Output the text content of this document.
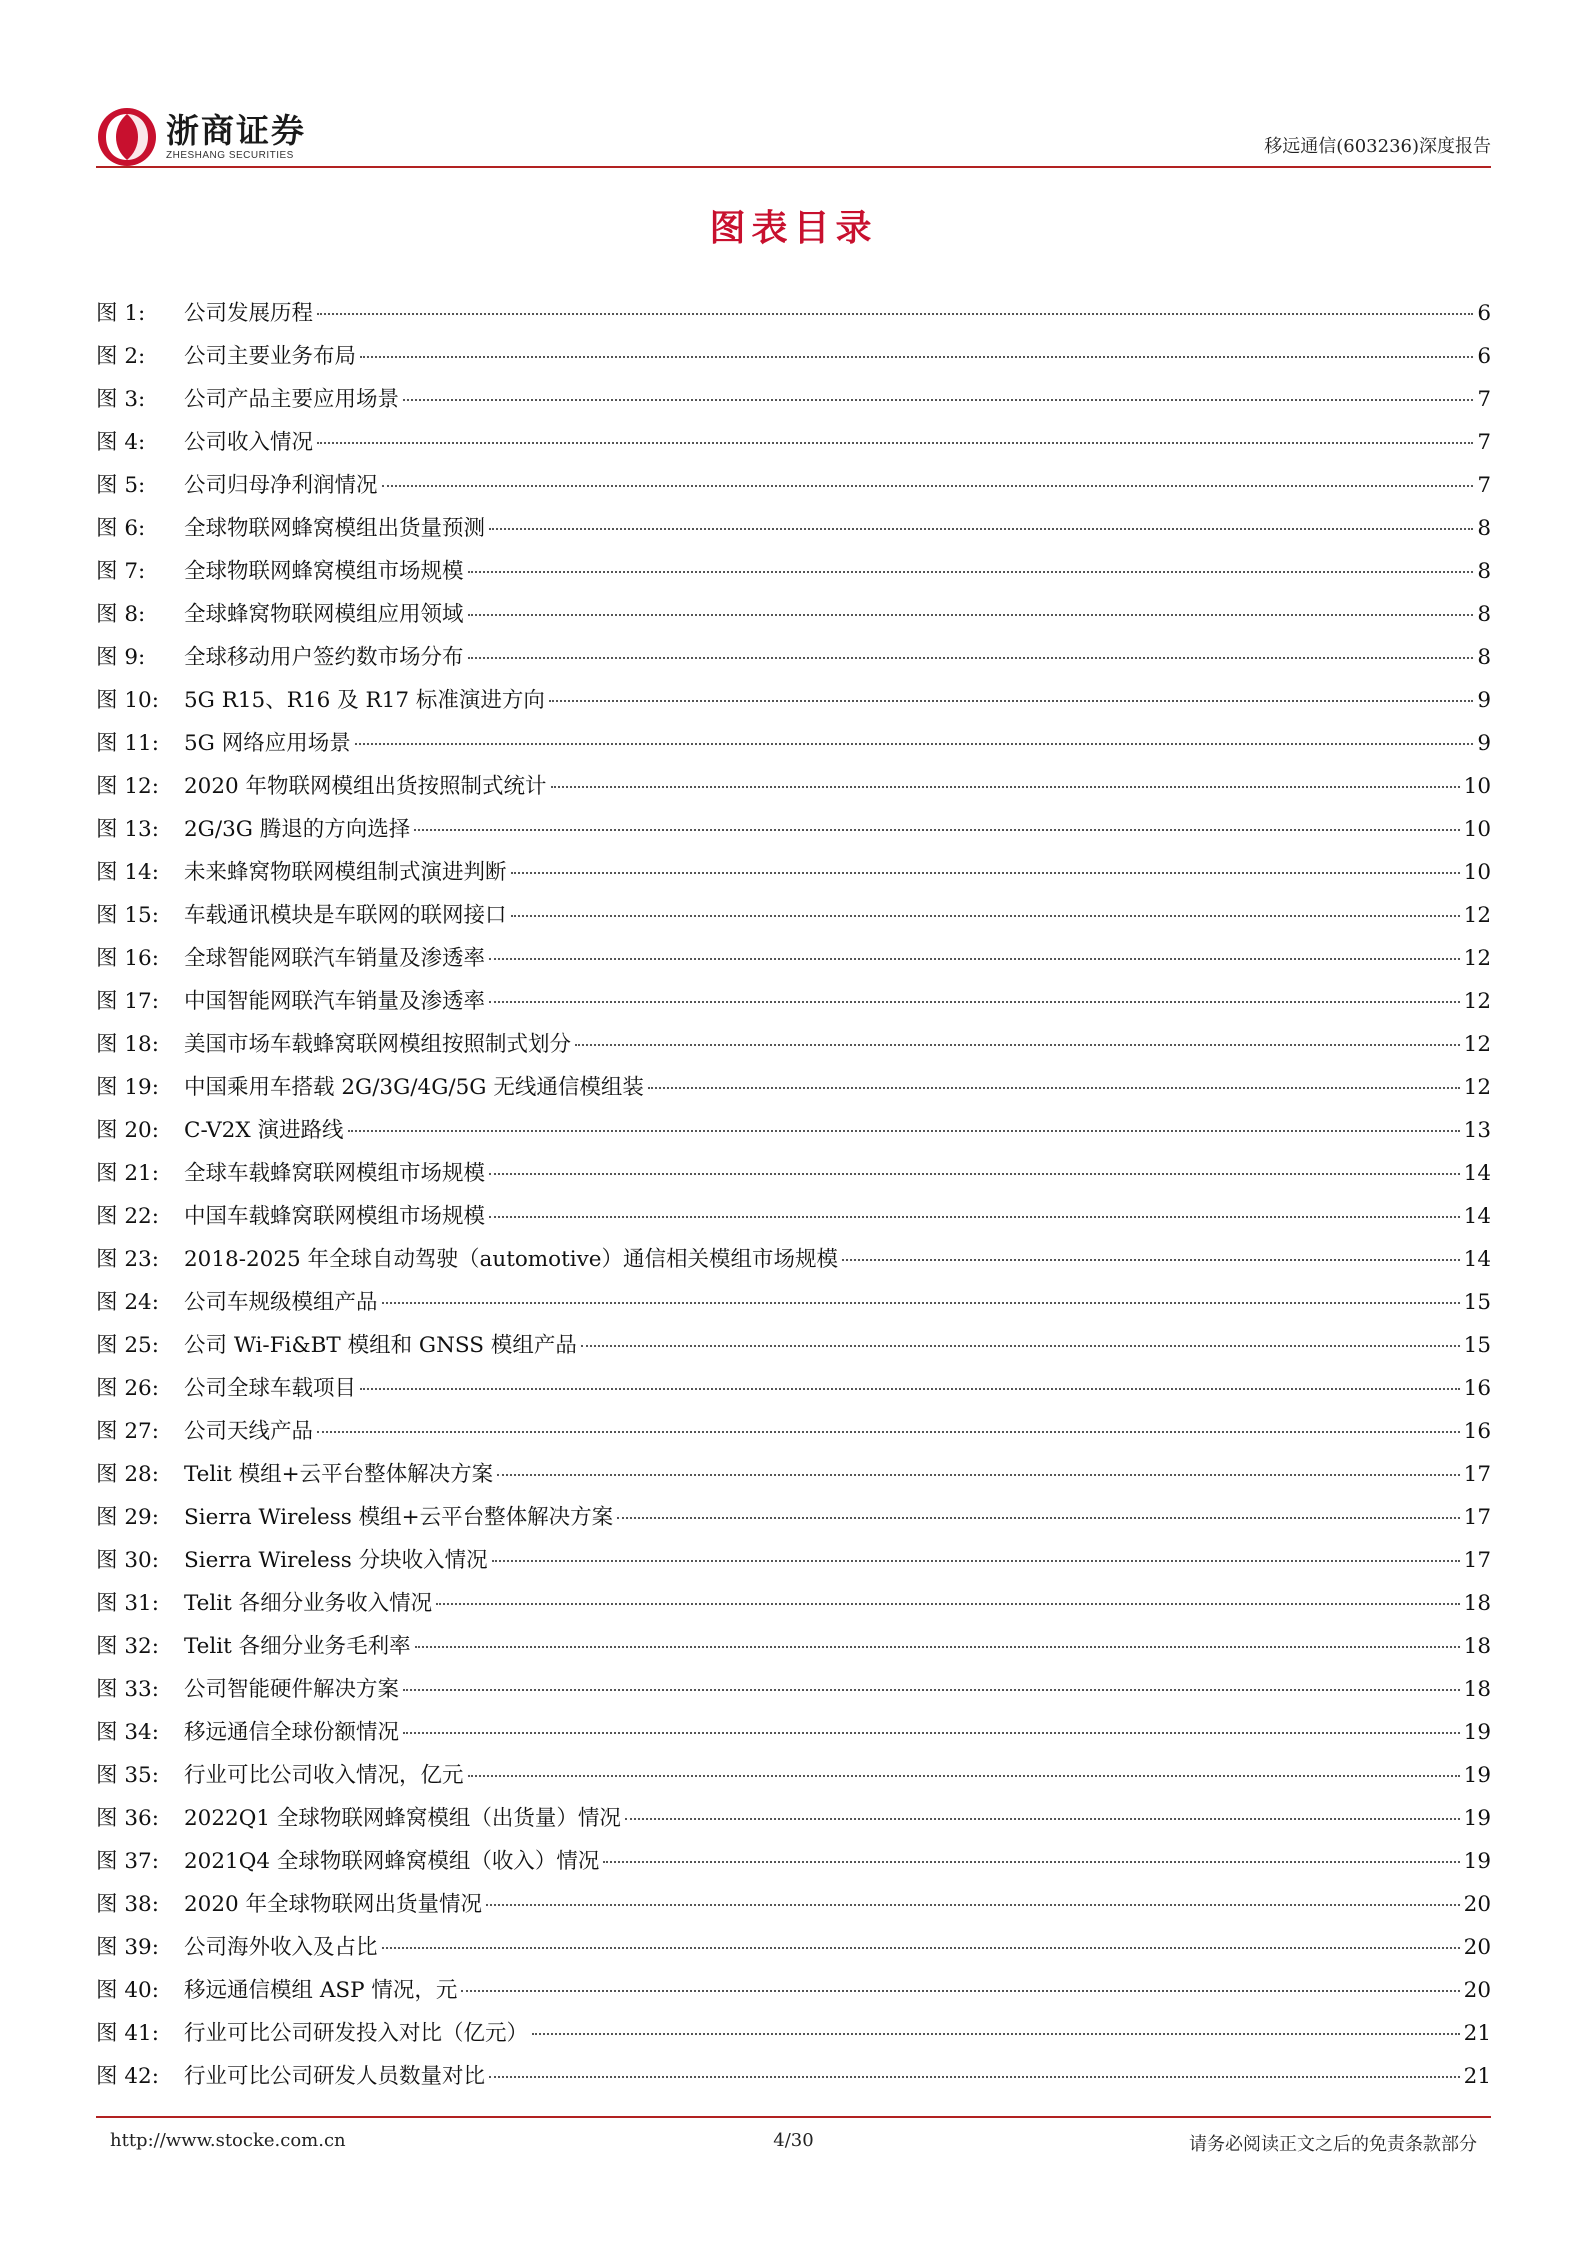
浙商证券
ZHESHANG SECURITIES	移远通信(603236)深度报告
图表目录
图 1:	公司发展历程	6
图 2:	公司主要业务布局	6
图 3:	公司产品主要应用场景	7
图 4:	公司收入情况	7
图 5:	公司归母净利润情况	7
图 6:	全球物联网蜂窝模组出货量预测	8
图 7:	全球物联网蜂窝模组市场规模	8
图 8:	全球蜂窝物联网模组应用领域	8
图 9:	全球移动用户签约数市场分布	8
图 10:	5G R15、R16 及 R17 标准演进方向	9
图 11:	5G 网络应用场景	9
图 12:	2020 年物联网模组出货按照制式统计	10
图 13:	2G/3G 腾退的方向选择	10
图 14:	未来蜂窝物联网模组制式演进判断	10
图 15:	车载通讯模块是车联网的联网接口	12
图 16:	全球智能网联汽车销量及渗透率	12
图 17:	中国智能网联汽车销量及渗透率	12
图 18:	美国市场车载蜂窝联网模组按照制式划分	12
图 19:	中国乘用车搭载 2G/3G/4G/5G 无线通信模组装	12
图 20:	C-V2X 演进路线	13
图 21:	全球车载蜂窝联网模组市场规模	14
图 22:	中国车载蜂窝联网模组市场规模	14
图 23:	2018-2025 年全球自动驾驶（automotive）通信相关模组市场规模	14
图 24:	公司车规级模组产品	15
图 25:	公司 Wi-Fi&BT 模组和 GNSS 模组产品	15
图 26:	公司全球车载项目	16
图 27:	公司天线产品	16
图 28:	Telit 模组+云平台整体解决方案	17
图 29:	Sierra Wireless 模组+云平台整体解决方案	17
图 30:	Sierra Wireless 分块收入情况	17
图 31:	Telit 各细分业务收入情况	18
图 32:	Telit 各细分业务毛利率	18
图 33:	公司智能硬件解决方案	18
图 34:	移远通信全球份额情况	19
图 35:	行业可比公司收入情况，亿元	19
图 36:	2022Q1 全球物联网蜂窝模组（出货量）情况	19
图 37:	2021Q4 全球物联网蜂窝模组（收入）情况	19
图 38:	2020 年全球物联网出货量情况	20
图 39:	公司海外收入及占比	20
图 40:	移远通信模组 ASP 情况，元	20
图 41:	行业可比公司研发投入对比（亿元）	21
图 42:	行业可比公司研发人员数量对比	21
http://www.stocke.com.cn	4/30	请务必阅读正文之后的免责条款部分
